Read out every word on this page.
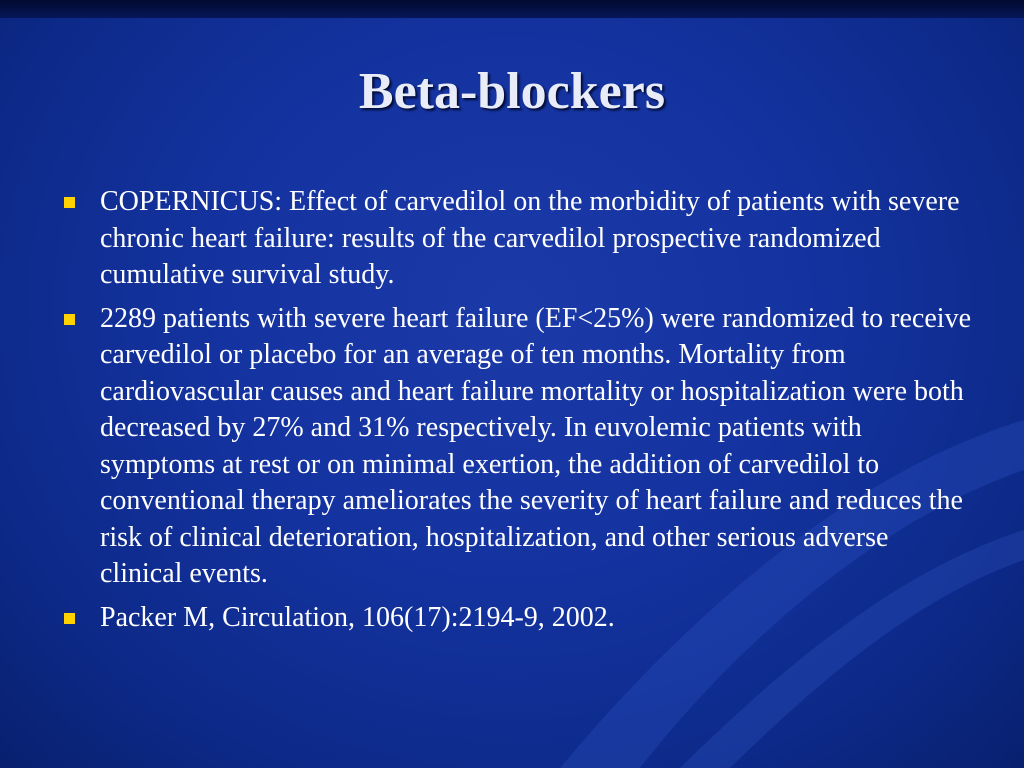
Beta-blockers
COPERNICUS: Effect of carvedilol on the morbidity of patients with severe chronic heart failure: results of the carvedilol prospective randomized cumulative survival study.
2289 patients with severe heart failure (EF<25%) were randomized to receive carvedilol or placebo for an average of ten months. Mortality from cardiovascular causes and heart failure mortality or hospitalization were both decreased by 27% and 31% respectively. In euvolemic patients with symptoms at rest or on minimal exertion, the addition of carvedilol to conventional therapy ameliorates the severity of heart failure and reduces the risk of clinical deterioration, hospitalization, and other serious adverse clinical events.
Packer M, Circulation, 106(17):2194-9, 2002.
